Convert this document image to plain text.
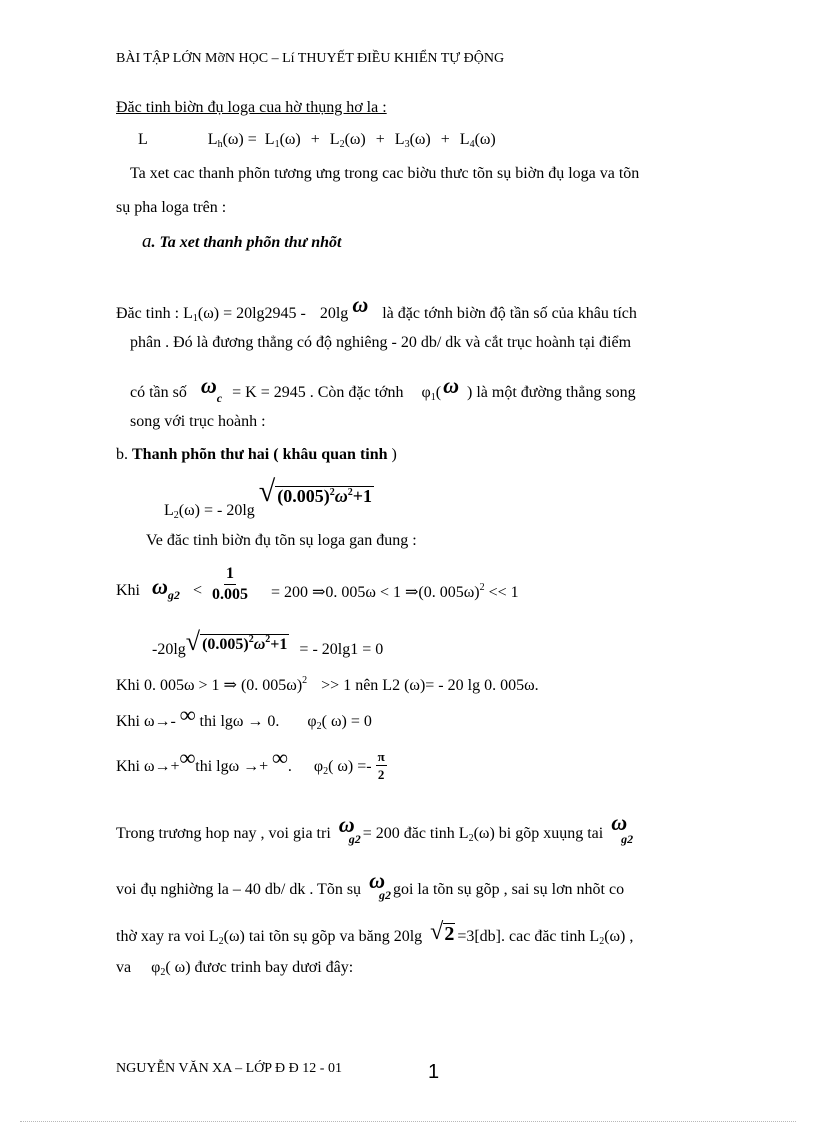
BÀI TẬP LỚN MỡN HỌC – Lí THUYẾT ĐIỀU KHIỂN TỰ ĐỘNG
Đăc tinh biờn đụ loga cua hờ thụng hơ la :
L	$L_h(\omega) = L_1(\omega) + L_2(\omega) + L_3(\omega) + L_4(\omega)$
Ta xet cac thanh phõn tương ưng trong cac biờu thưc tõn sụ biờn đụ loga va tõn
sụ pha loga trên :
a. Ta xet thanh phõn thư nhõt
Đăc tinh : $L_1(\omega) = 20\lg 2945 - 20\lg$ ω là đặc tớnh biờn độ tần số của khâu tích
phân . Đó là đương thẳng có độ nghiêng - 20 db/ dk và cắt trục hoành tại điểm
có tần số $\omega_c = K = 2945$ . Còn đặc tớnh $\varphi_1(\omega$ ) là một đường thẳng song
song với trục hoành :
b. Thanh phõn thư hai ( khâu quan tinh )
$L_2(\omega)$ = - 20lg
√ $(0.005)^2\omega^2+1$
Ve đăc tinh biờn đụ tõn sụ loga gan đung :
Khi $\omega_{g2} < \frac{1}{0.005} = 200$ ⇒0. 005ω < 1 ⇒(0. 005ω)$^2$ << 1
-20lg √ $(0.005)^2\omega^2+1$ = - 20lg1 = 0
Khi 0. 005ω > 1 ⇒ (0. 005ω)$^2$ >> 1 nên L2 (ω)= - 20 lg 0. 005ω.
Khi ω→- ∞ thi lgω → 0. $\varphi_2$( ω) = 0
Khi ω→+∞thi lgω →+ ∞. $\varphi_2$( $\omega) =- \frac{\pi}{2}$
Trong trương hop nay , voi gia tri $\omega_{g2} = 200$ đăc tinh $L_2(\omega)$ bi gõp xuụng tai $\omega_{g2}$
voi đụ nghiờng la – 40 db/ dk . Tõn sụ $\omega_{g2}$ goi la tõn sụ gõp , sai sụ lơn nhõt co
thờ xay ra voi $L_2(\omega)$ tai tõn sụ gõp va băng 20lg √ 2 =3[db]. cac đăc tinh $L_2(\omega)$ ,
va $\varphi_2$( ω) đươc trinh bay dươi đây:
NGUYỄN VĂN XA – LỚP Đ Đ 12 - 01	1
